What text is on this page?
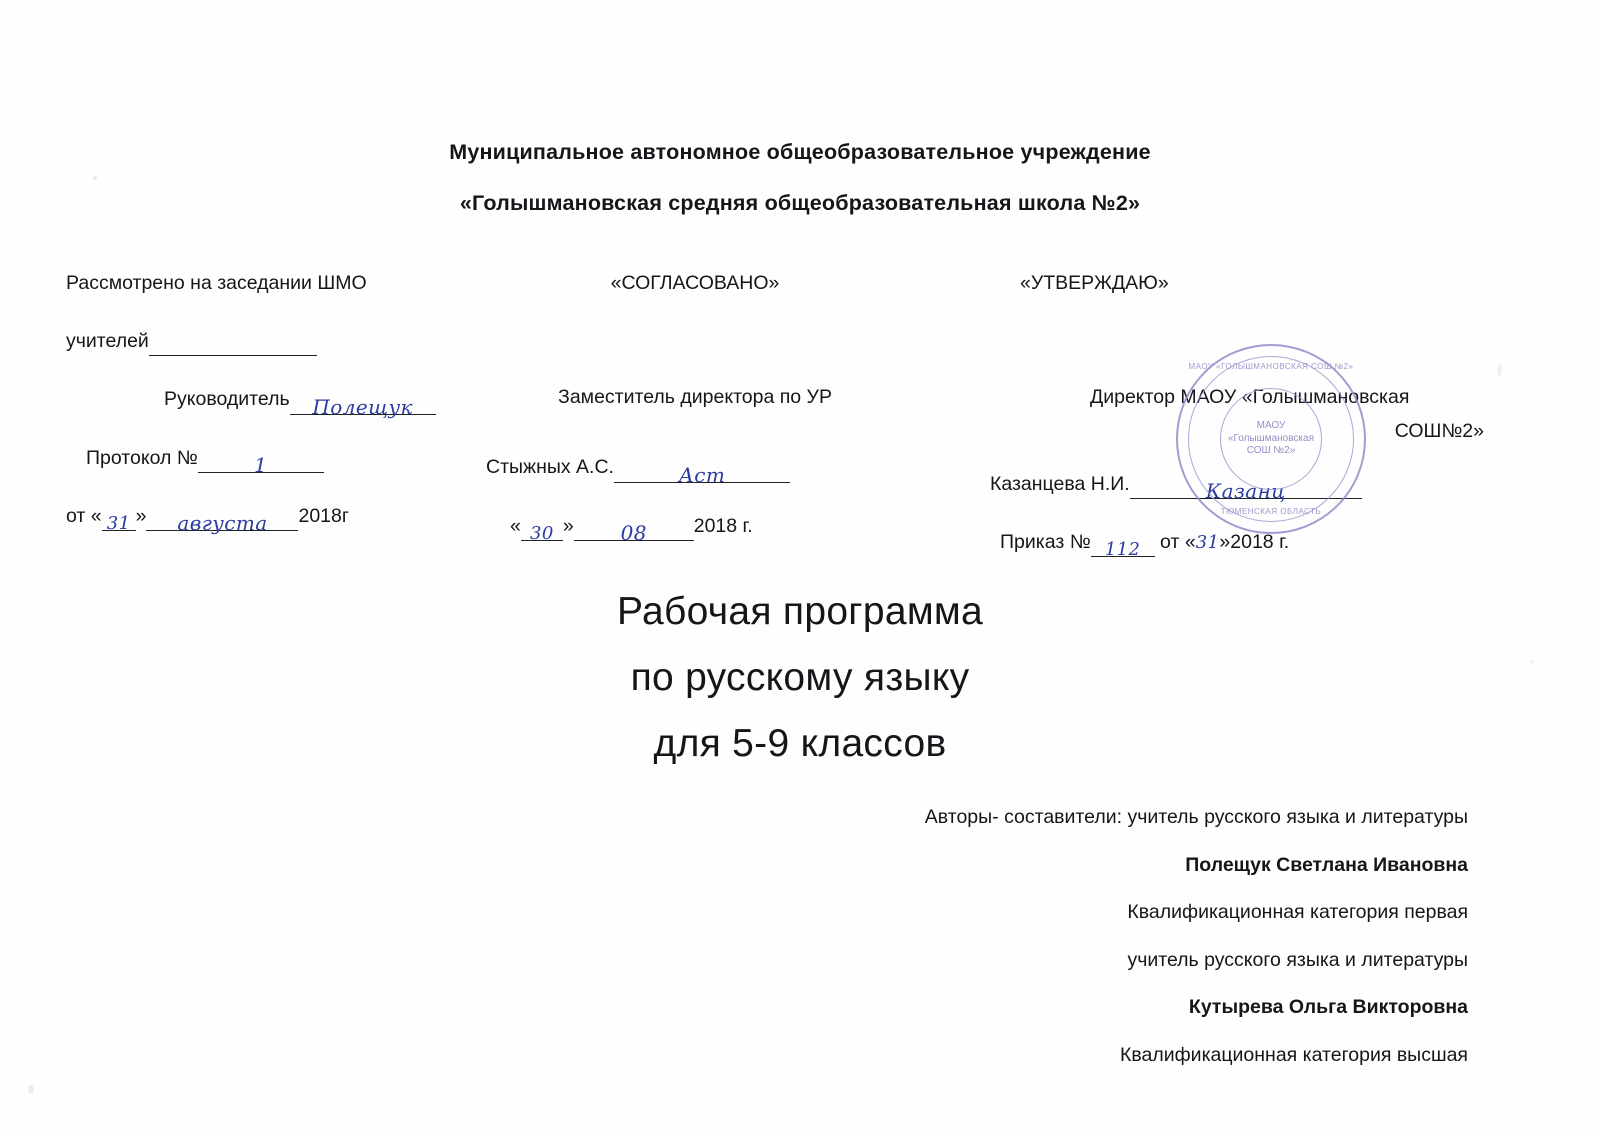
Муниципальное автономное общеобразовательное учреждение
«Голышмановская средняя общеобразовательная школа №2»
Рассмотрено на заседании ШМО
учителей
Руководитель Полещук
Протокол №	1
от « 31 » августа 2018г
«СОГЛАСОВАНО»
Заместитель директора по УР
Стыжных А.С.	Аст
« 30 » 08 2018 г.
«УТВЕРЖДАЮ»
Директор МАОУ «Голышмановская
СОШ№2»
Казанцева Н.И.	Казанц
Приказ № 112 от «31»2018 г.
МАОУ «ГОЛЫШМАНОВСКАЯ СОШ №2»
МАОУ
«Голышмановская
СОШ №2»
ТЮМЕНСКАЯ ОБЛАСТЬ
Рабочая программа
по русскому языку
для 5-9 классов
Авторы- составители: учитель русского языка и литературы
Полещук Светлана Ивановна
Квалификационная категория первая
учитель русского языка и литературы
Кутырева Ольга Викторовна
Квалификационная категория высшая
